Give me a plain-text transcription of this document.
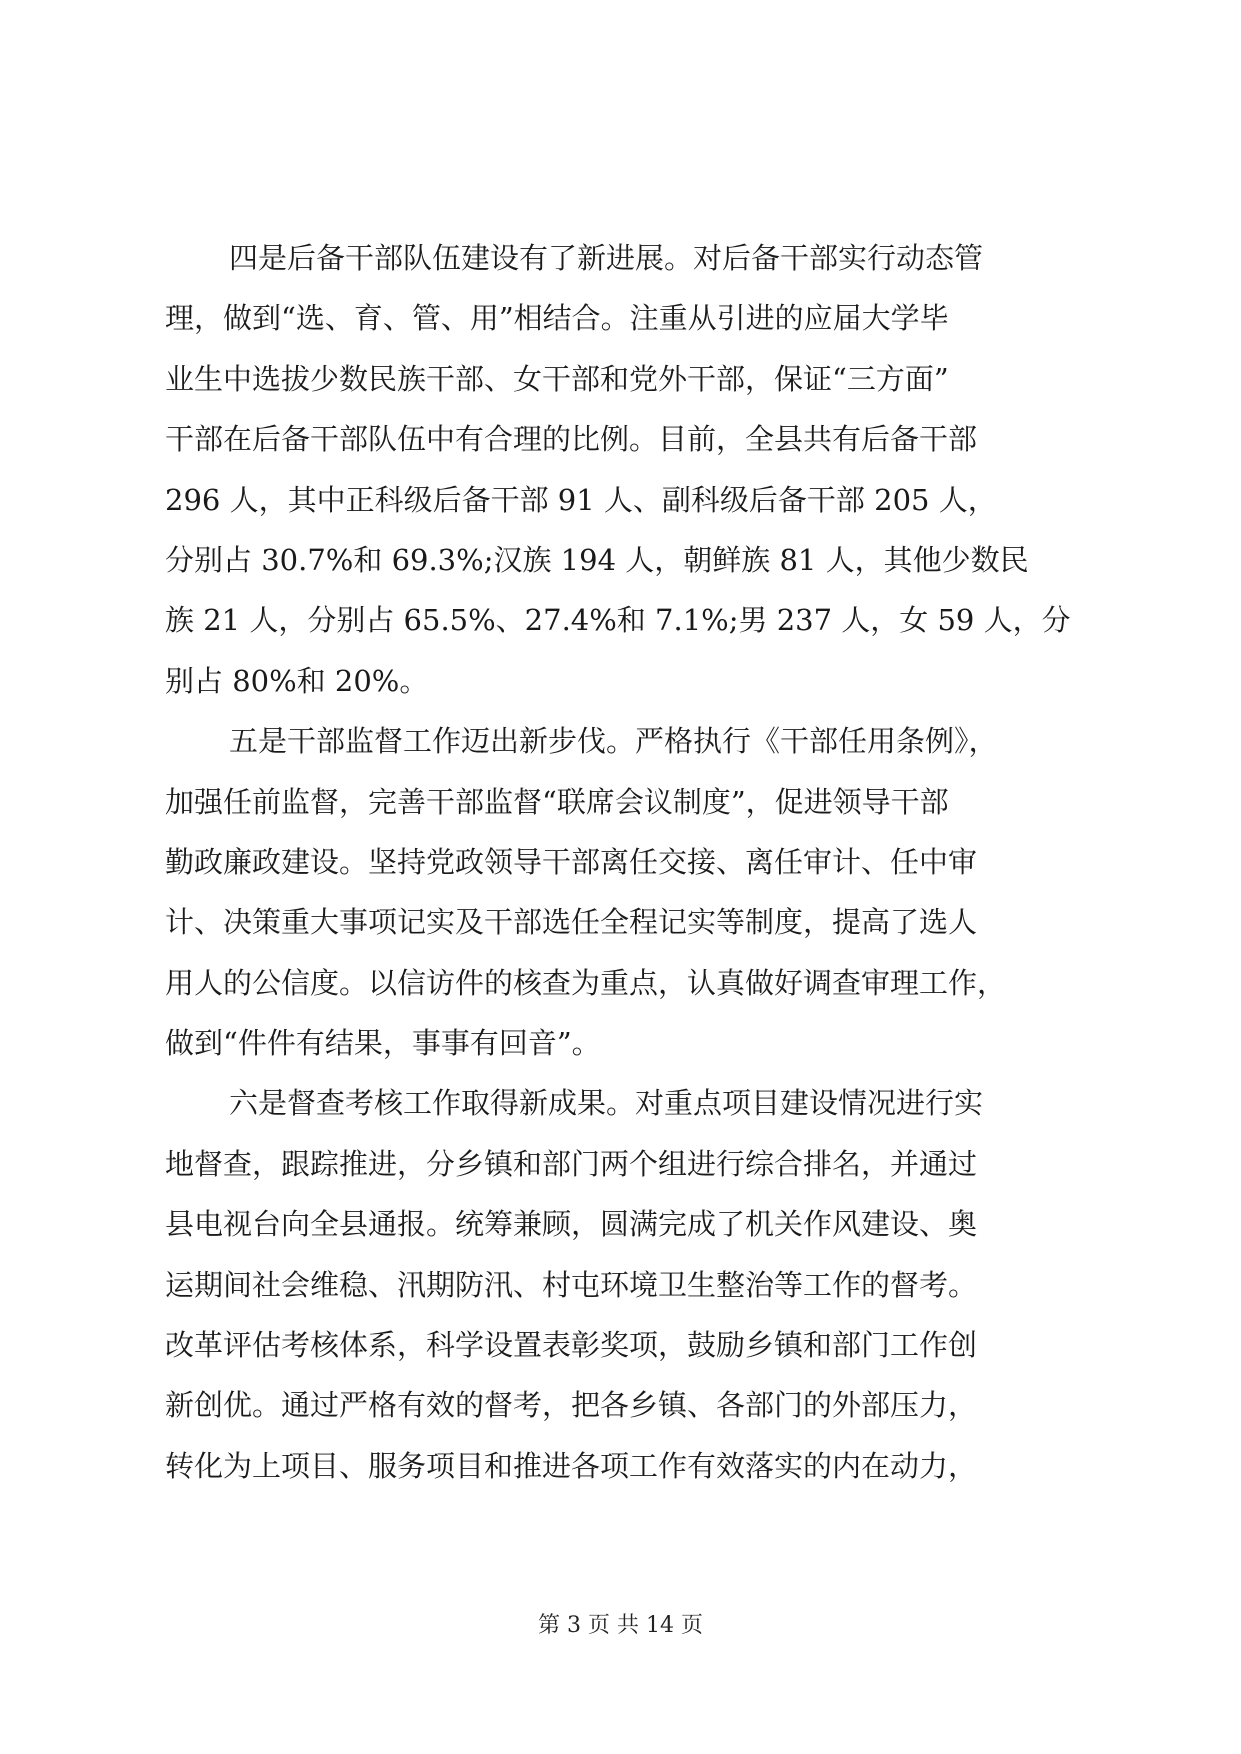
四是后备干部队伍建设有了新进展。对后备干部实行动态管
理，做到“选、育、管、用”相结合。注重从引进的应届大学毕
业生中选拔少数民族干部、女干部和党外干部，保证“三方面”
干部在后备干部队伍中有合理的比例。目前，全县共有后备干部
296 人，其中正科级后备干部 91 人、副科级后备干部 205 人，
分别占 30.7%和 69.3%;汉族 194 人，朝鲜族 81 人，其他少数民
族 21 人，分别占 65.5%、27.4%和 7.1%;男 237 人，女 59 人，分
别占 80%和 20%。
五是干部监督工作迈出新步伐。严格执行《干部任用条例》，
加强任前监督，完善干部监督“联席会议制度”，促进领导干部
勤政廉政建设。坚持党政领导干部离任交接、离任审计、任中审
计、决策重大事项记实及干部选任全程记实等制度，提高了选人
用人的公信度。以信访件的核查为重点，认真做好调查审理工作，
做到“件件有结果，事事有回音”。
六是督查考核工作取得新成果。对重点项目建设情况进行实
地督查，跟踪推进，分乡镇和部门两个组进行综合排名，并通过
县电视台向全县通报。统筹兼顾，圆满完成了机关作风建设、奥
运期间社会维稳、汛期防汛、村屯环境卫生整治等工作的督考。
改革评估考核体系，科学设置表彰奖项，鼓励乡镇和部门工作创
新创优。通过严格有效的督考，把各乡镇、各部门的外部压力，
转化为上项目、服务项目和推进各项工作有效落实的内在动力，
第 3 页 共 14 页
